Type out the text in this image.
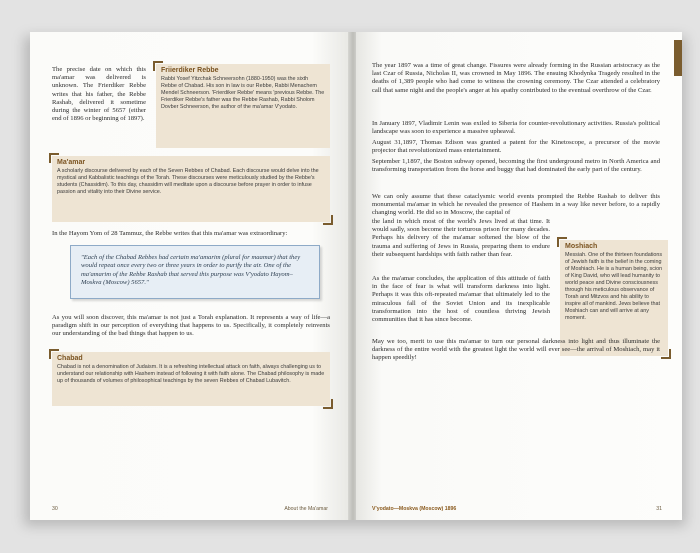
The precise date on which this ma'amar was delivered is unknown. The Frierdiker Rebbe writes that his father, the Rebbe Rashab, delivered it sometime during the winter of 5657 (either end of 1896 or beginning of 1897).

Friierdiker Rebbe
Rabbi Yosef Yitzchak Schneersohn (1880-1950) was the sixth Rebbe of Chabad. His son in law is our Rebbe, Rabbi Menachem Mendel Schneerson. 'Frierdiker Rebbe' means 'previous Rebbe. The Frierdiker Rebbe's father was the Rebbe Rashab, Rabbi Sholom Dovber Schneerson, the author of the ma'amar V'yodato.
Ma'amar
A scholarly discourse delivered by each of the Seven Rebbes of Chabad. Each discourse would delve into the mystical and Kabbalistic teachings of the Torah. These discourses were meticulously studied by the Rebbe's students (Chassidim). To this day, chassidim will meditate upon a discourse before prayer in order to infuse passion and vitality into their Divine service.

In the Hayom Yom of 28 Tammuz, the Rebbe writes that this ma'amar was extraordinary:

"Each of the Chabad Rebbes had certain ma'amarim (plural for maamar) that they would repeat once every two or three years in order to purify the air. One of the ma'amarim of the Rebbe Rashab that served this purpose was V'yodato Hayom–Moskva (Moscow) 5657."

As you will soon discover, this ma'amar is not just a Torah explanation. It represents a way of life—a paradigm shift in our perception of everything that happens to us. Specifically, it completely reinvents our understanding of the bad things that happen to us.

Chabad
Chabad is not a denomination of Judaism. It is a refreshing intellectual attack on faith, always challenging us to understand our relationship with Hashem instead of following it with faith alone. The Chabad philosophy is made up of thousands of volumes of philosophical teachings by the seven Rebbes of Chabad Lubavitch.
30	About the Ma'amar

The year 1897 was a time of great change. Fissures were already forming in the Russian aristocracy as the last Czar of Russia, Nicholas II, was crowned in May 1896. The ensuing Khodynka Tragedy resulted in the deaths of 1,389 people who had come to witness the crowning ceremony. The Czar attended a celebratory call that same night and the people's anger at his apathy contributed to the eventual overthrow of the Czar.

In January 1897, Vladimir Lenin was exiled to Siberia for counter-revolutionary activities. Russia's political landscape was soon to experience a massive upheaval.

August 31,1897, Thomas Edison was granted a patent for the Kinetoscope, a precursor of the movie projector that revolutionized mass entertainment.

September 1,1897, the Boston subway opened, becoming the first underground metro in North America and transforming transportation from the horse and buggy that had dominated the early part of the century.

We can only assume that these cataclysmic world events prompted the Rebbe Rashab to deliver this monumental ma'amar in which he revealed the presence of Hashem in a way like never before, to a rapidly changing world. He did so in Moscow, the capital of

the land in which most of the world's Jews lived at that time. It would sadly, soon become their torturous prison for many decades. Perhaps his delivery of the ma'amar softened the blow of the trauma and suffering of Jews in Russia, preparing them to endure their subsequent hardships with faith rather than fear.

As the ma'amar concludes, the application of this attitude of faith in the face of fear is what will transform darkness into light. Perhaps it was this oft-repeated ma'amar that ultimately led to the miraculous fall of the Soviet Union and its inexplicable transformation into the host of countless thriving Jewish communities that it has since become.

Moshiach
Messiah. One of the thirteen foundations of Jewish faith is the belief in the coming of Moshiach. He is a human being, scion of King David, who will lead humanity to world peace and Divine consciousness through his meticulous observance of Torah and Mitzvos and his ability to inspire all of mankind. Jews believe that Moshiach can and will arrive at any moment.

May we too, merit to use this ma'amar to turn our personal darkness into light and thus illuminate the darkness of the entire world with the greatest light the world will ever see—the arrival of Moshiach, may it happen speedily!

V'yodato—Moskva (Moscow) 1896	31
